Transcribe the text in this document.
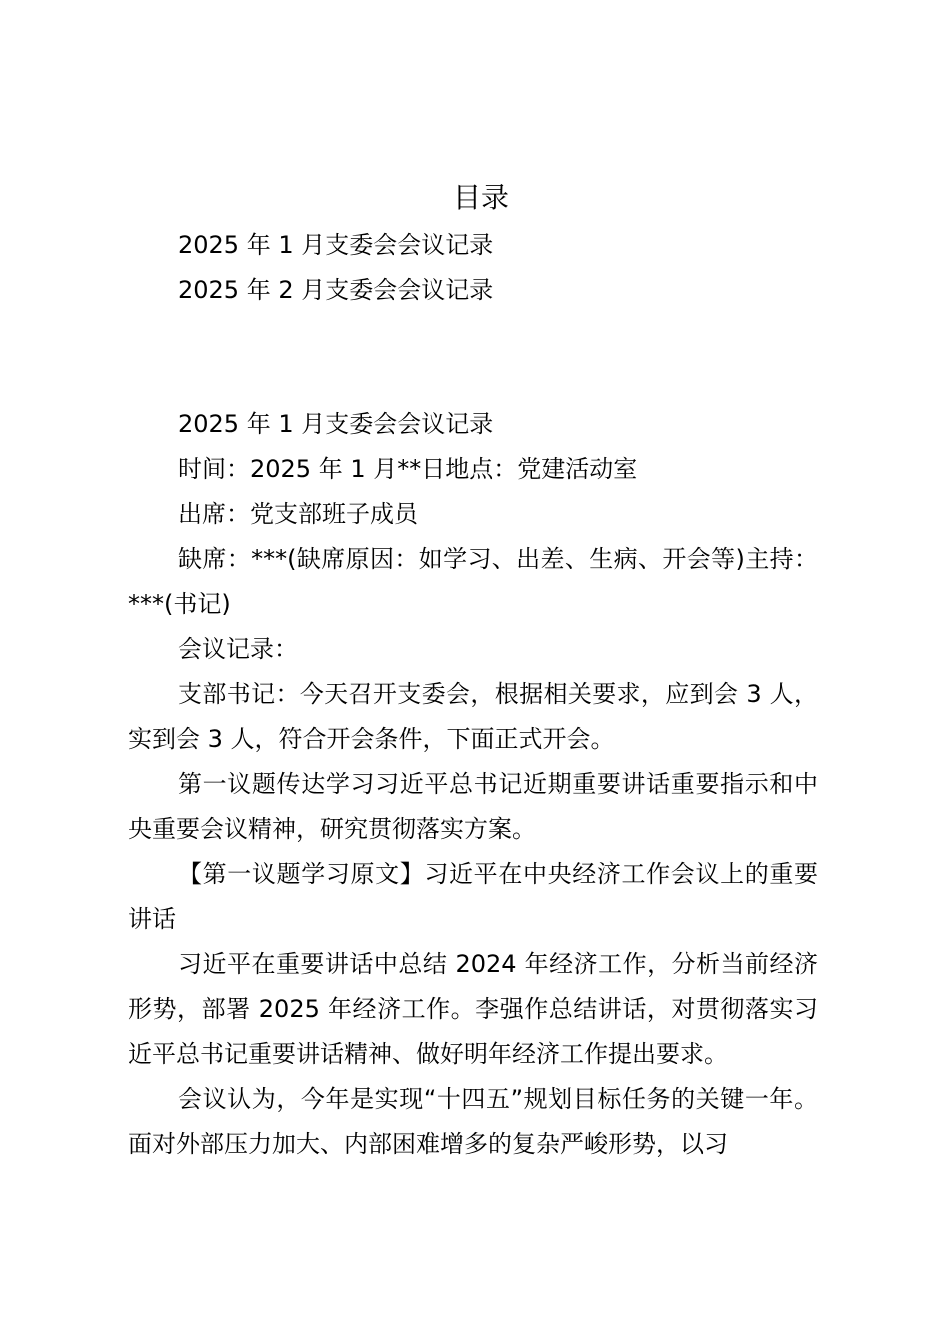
目录
2025 年 1 月支委会会议记录
2025 年 2 月支委会会议记录

2025 年 1 月支委会会议记录

时间：2025 年 1 月**日地点：党建活动室

出席：党支部班子成员

缺席：***(缺席原因：如学习、出差、生病、开会等)主持：***(书记)

会议记录：

支部书记：今天召开支委会，根据相关要求，应到会 3 人，实到会 3 人，符合开会条件，下面正式开会。

第一议题传达学习习近平总书记近期重要讲话重要指示和中央重要会议精神，研究贯彻落实方案。

【第一议题学习原文】习近平在中央经济工作会议上的重要讲话

习近平在重要讲话中总结 2024 年经济工作，分析当前经济形势，部署 2025 年经济工作。李强作总结讲话，对贯彻落实习近平总书记重要讲话精神、做好明年经济工作提出要求。

会议认为，今年是实现“十四五”规划目标任务的关键一年。面对外部压力加大、内部困难增多的复杂严峻形势，以习
